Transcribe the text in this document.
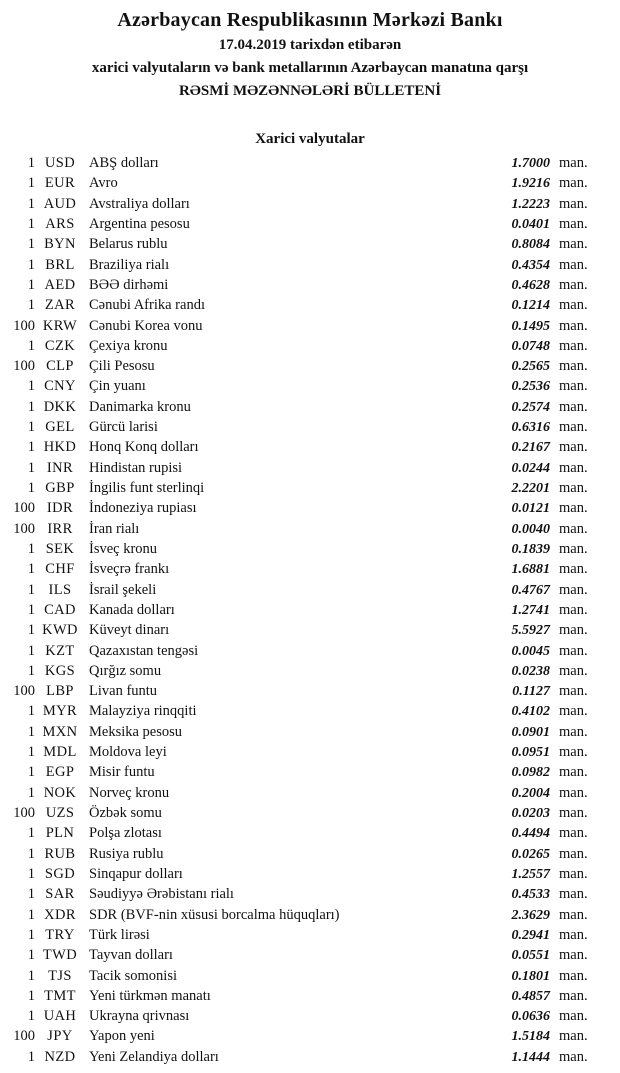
Azərbaycan Respublikasının Mərkəzi Bankı
17.04.2019 tarixdən etibarən
xarici valyutaların və bank metallarının Azərbaycan manatına qarşı
RƏSMİ MƏZƏNNƏLƏRİ BÜLLETENİ
Xarici valyutalar
1 USD ABŞ dolları	1.7000 man.
1 EUR Avro	1.9216 man.
1 AUD Avstraliya dolları	1.2223 man.
1 ARS Argentina pesosu	0.0401 man.
1 BYN Belarus rublu	0.8084 man.
1 BRL Braziliya rialı	0.4354 man.
1 AED BƏƏ dirhəmi	0.4628 man.
1 ZAR Cənubi Afrika randı	0.1214 man.
100 KRW Cənubi Korea vonu	0.1495 man.
1 CZK Çexiya kronu	0.0748 man.
100 CLP	Çili Pesosu	0.2565 man.
1 CNY Çin yuanı	0.2536 man.
1 DKK Danimarka kronu	0.2574 man.
1 GEL Gürcü larisi	0.6316 man.
1 HKD Honq Konq dolları	0.2167 man.
1 INR	Hindistan rupisi	0.0244 man.
1 GBP İngilis funt sterlinqi	2.2201 man.
100 IDR	İndoneziya rupiası	0.0121 man.
100 IRR	İran rialı	0.0040 man.
1 SEK	İsveç kronu	0.1839 man.
1 CHF İsveçrə frankı	1.6881 man.
1 ILS	İsrail şekeli	0.4767 man.
1 CAD Kanada dolları	1.2741 man.
1 KWD Küveyt dinarı	5.5927 man.
1 KZT Qazaxıstan tengəsi	0.0045 man.
1 KGS Qırğız somu	0.0238 man.
100 LBP	Livan funtu	0.1127 man.
1 MYR Malayziya rinqqiti	0.4102 man.
1 MXN Meksika pesosu	0.0901 man.
1 MDL Moldova leyi	0.0951 man.
1 EGP	Misir funtu	0.0982 man.
1 NOK Norveç kronu	0.2004 man.
100 UZS	Özbək somu	0.0203 man.
1 PLN	Polşa zlotası	0.4494 man.
1 RUB Rusiya rublu	0.0265 man.
1 SGD Sinqapur dolları	1.2557 man.
1 SAR Səudiyyə Ərəbistanı rialı	0.4533 man.
1 XDR SDR (BVF-nin xüsusi borcalma hüquqları)	2.3629 man.
1 TRY Türk lirəsi	0.2941 man.
1 TWD Tayvan dolları	0.0551 man.
1 TJS	Tacik somonisi	0.1801 man.
1 TMT Yeni türkmən manatı	0.4857 man.
1 UAH Ukrayna qrivnası	0.0636 man.
100 JPY	Yapon yeni	1.5184 man.
1 NZD Yeni Zelandiya dolları	1.1444 man.
